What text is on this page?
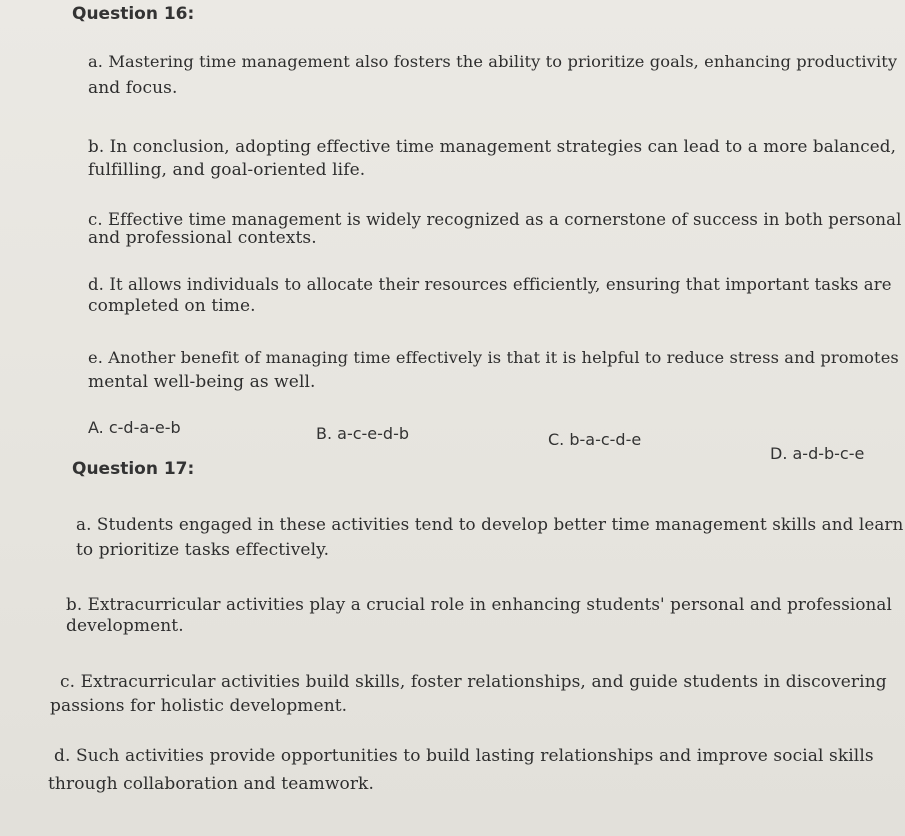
Question 16:
a. Mastering time management also fosters the ability to prioritize goals, enhancing productivity
and focus.
b. In conclusion, adopting effective time management strategies can lead to a more balanced,
fulfilling, and goal-oriented life.
c. Effective time management is widely recognized as a cornerstone of success in both personal
and professional contexts.
d. It allows individuals to allocate their resources efficiently, ensuring that important tasks are
completed on time.
e. Another benefit of managing time effectively is that it is helpful to reduce stress and promotes
mental well-being as well.
A. c-d-a-e-b	B. a-c-e-d-b	C. b-a-c-d-e
D. a-d-b-c-e
Question 17:
a. Students engaged in these activities tend to develop better time management skills and learn
to prioritize tasks effectively.
b. Extracurricular activities play a crucial role in enhancing students' personal and professional
development.
c. Extracurricular activities build skills, foster relationships, and guide students in discovering
passions for holistic development.
d. Such activities provide opportunities to build lasting relationships and improve social skills
through collaboration and teamwork.
